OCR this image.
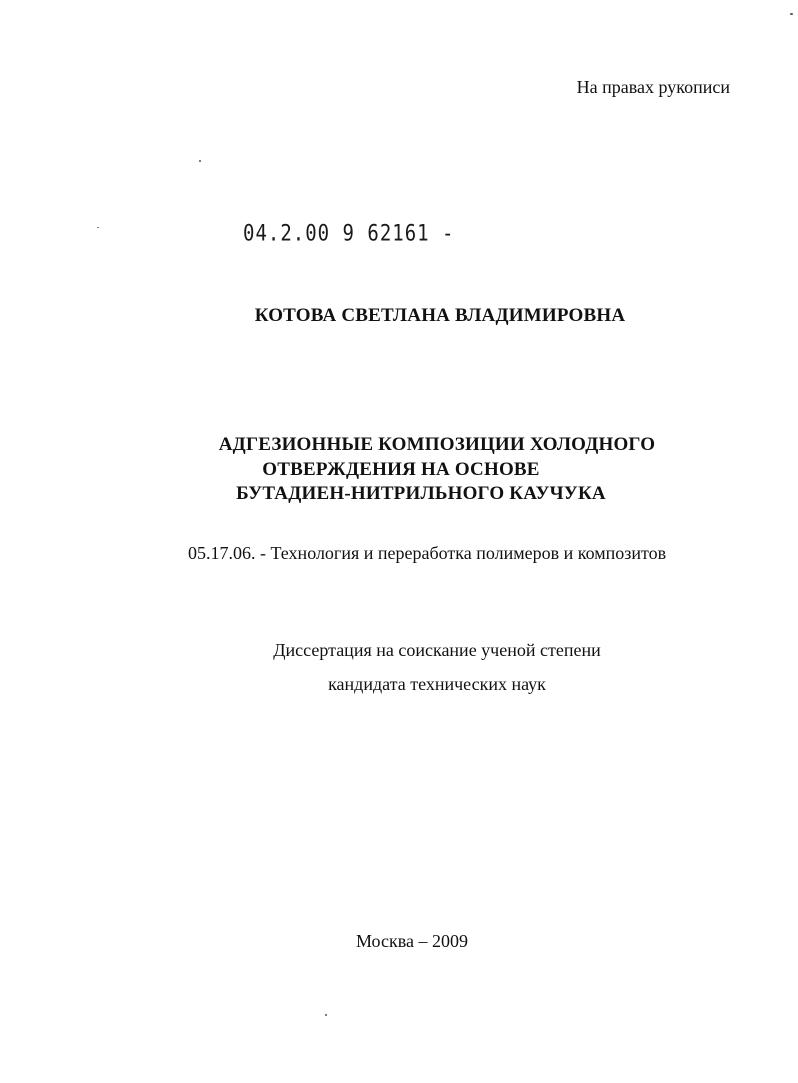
На правах рукописи
04.2.00 9 62161 -
КОТОВА СВЕТЛАНА ВЛАДИМИРОВНА
АДГЕЗИОННЫЕ КОМПОЗИЦИИ ХОЛОДНОГО
ОТВЕРЖДЕНИЯ НА ОСНОВЕ
БУТАДИЕН-НИТРИЛЬНОГО КАУЧУКА
05.17.06. - Технология и переработка полимеров и композитов
Диссертация на соискание ученой степени
кандидата технических наук
Москва – 2009
